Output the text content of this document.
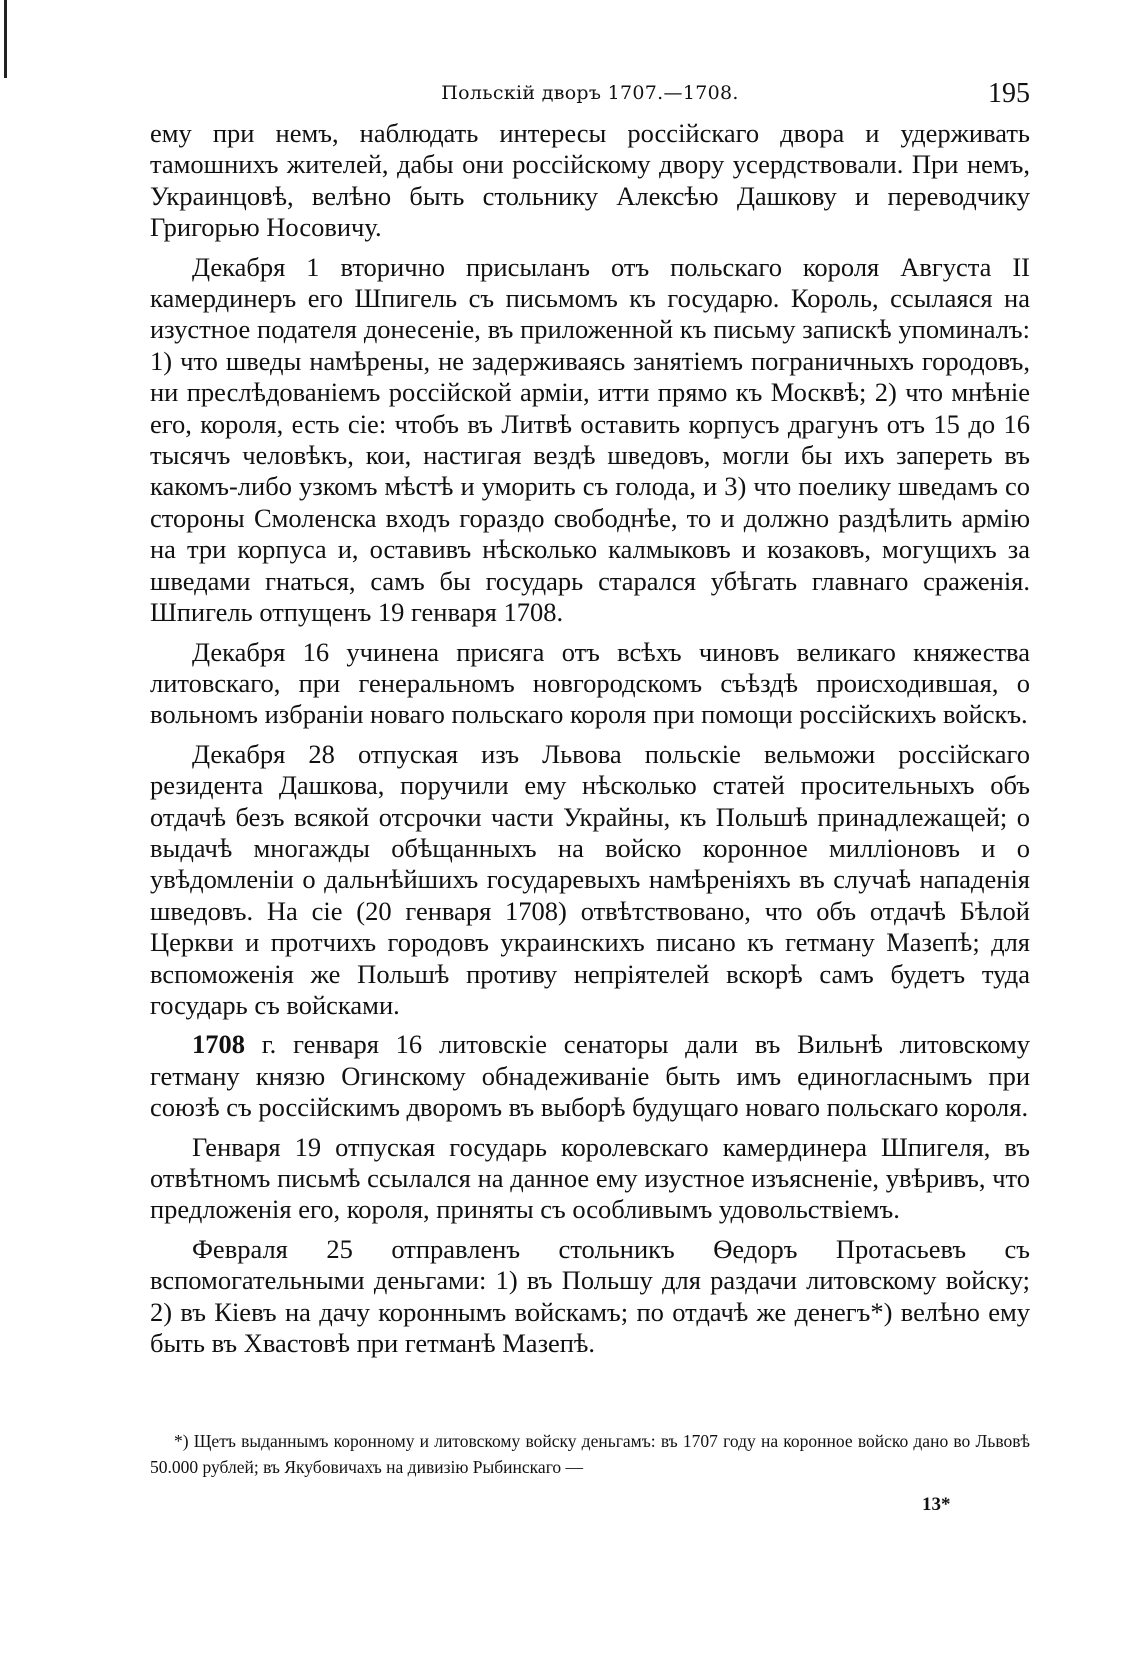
Польскій дворъ 1707.—1708.	195

ему при немъ, наблюдать интересы россійскаго двора и удерживать тамошнихъ жителей, дабы они россійскому двору усердствовали. При немъ, Украинцовѣ, велѣно быть стольнику Алексѣю Дашкову и переводчику Григорью Носовичу.

Декабря 1 вторично присыланъ отъ польскаго короля Августа II камердинеръ его Шпигель съ письмомъ къ государю. Король, ссылаяся на изустное подателя донесеніе, въ приложенной къ письму запискѣ упоминалъ: 1) что шведы намѣрены, не задерживаясь занятіемъ пограничныхъ городовъ, ни преслѣдованіемъ россійской арміи, итти прямо къ Москвѣ; 2) что мнѣніе его, короля, есть сіе: чтобъ въ Литвѣ оставить корпусъ драгунъ отъ 15 до 16 тысячъ человѣкъ, кои, настигая вездѣ шведовъ, могли бы ихъ запереть въ какомъ-либо узкомъ мѣстѣ и уморить съ голода, и 3) что поелику шведамъ со стороны Смоленска входъ гораздо свободнѣе, то и должно раздѣлить армію на три корпуса и, оставивъ нѣсколько калмыковъ и козаковъ, могущихъ за шведами гнаться, самъ бы государь старался убѣгать главнаго сраженія. Шпигель отпущенъ 19 генваря 1708.

Декабря 16 учинена присяга отъ всѣхъ чиновъ великаго княжества литовскаго, при генеральномъ новгородскомъ съѣздѣ происходившая, о вольномъ избраніи новаго польскаго короля при помощи россійскихъ войскъ.

Декабря 28 отпуская изъ Львова польскіе вельможи россійскаго резидента Дашкова, поручили ему нѣсколько статей просительныхъ объ отдачѣ безъ всякой отсрочки части Украйны, къ Польшѣ принадлежащей; о выдачѣ многажды обѣщанныхъ на войско коронное милліоновъ и о увѣдомленіи о дальнѣйшихъ государевыхъ намѣреніяхъ въ случаѣ нападенія шведовъ. На сіе (20 генваря 1708) отвѣтствовано, что объ отдачѣ Бѣлой Церкви и протчихъ городовъ украинскихъ писано къ гетману Мазепѣ; для вспоможенія же Польшѣ противу непріятелей вскорѣ самъ будетъ туда государь съ войсками.

1708 г. генваря 16 литовскіе сенаторы дали въ Вильнѣ литовскому гетману князю Огинскому обнадеживаніе быть имъ единогласнымъ при союзѣ съ россійскимъ дворомъ въ выборѣ будущаго новаго польскаго короля.

Генваря 19 отпуская государь королевскаго камердинера Шпигеля, въ отвѣтномъ письмѣ ссылался на данное ему изустное изъясненіе, увѣривъ, что предложенія его, короля, приняты съ особливымъ удовольствіемъ.

Февраля 25 отправленъ стольникъ Ѳедоръ Протасьевъ съ вспомогательными деньгами: 1) въ Польшу для раздачи литовскому войску; 2) въ Кіевъ на дачу короннымъ войскамъ; по отдачѣ же денегъ*) велѣно ему быть въ Хвастовѣ при гетманѣ Мазепѣ.

*) Щетъ выданнымъ коронному и литовскому войску деньгамъ: въ 1707 году на коронное войско дано во Львовѣ 50.000 рублей; въ Якубовичахъ на дивизію Рыбинскаго —

13*
